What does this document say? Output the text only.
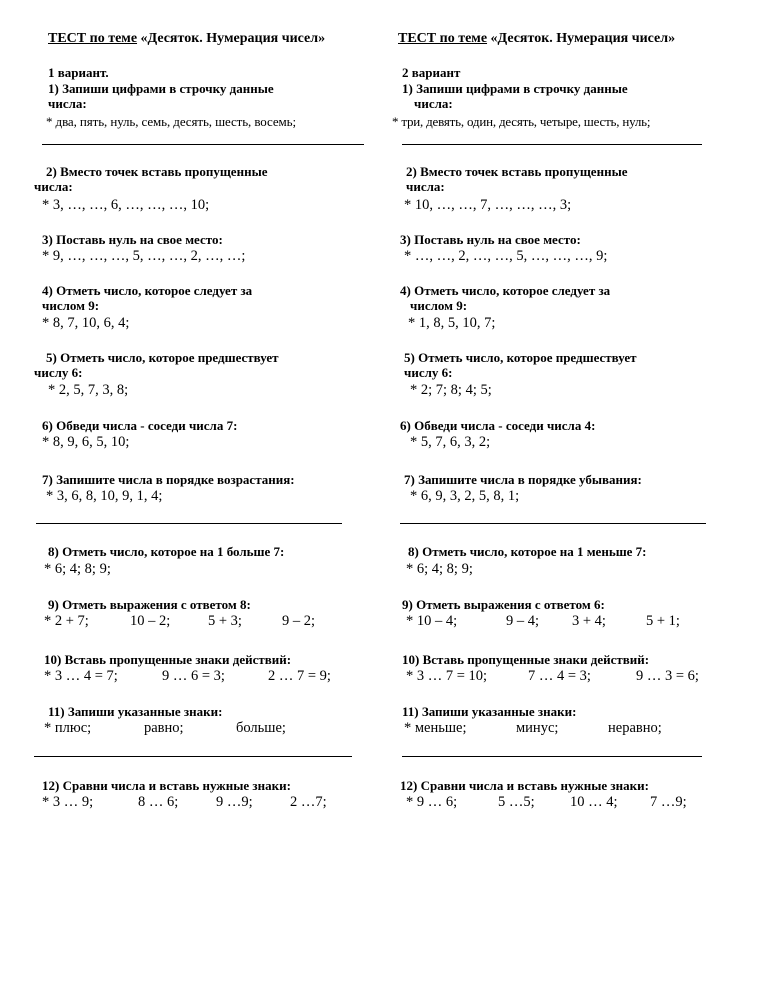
ТЕСТ по теме «Десяток. Нумерация чисел»
1 вариант.
1) Запиши цифрами в строчку данные
числа:
* два, пять, нуль, семь, десять, шесть, восемь;
2) Вместо точек вставь пропущенные
числа:
* 3, …, …, 6, …, …, …, 10;
3) Поставь нуль на свое место:
* 9, …, …, …, 5, …, …, 2, …, …;
4) Отметь число, которое следует за
числом 9:
* 8, 7, 10, 6, 4;
5) Отметь число, которое предшествует
числу 6:
* 2, 5, 7, 3, 8;
6) Обведи числа - соседи числа 7:
* 8, 9, 6, 5, 10;
7) Запишите числа в порядке возрастания:
* 3, 6, 8, 10, 9, 1, 4;
8) Отметь число, которое на 1 больше 7:
* 6; 4; 8; 9;
9) Отметь выражения с ответом 8:
* 2 + 7;	10 – 2;	5 + 3;	9 – 2;
10) Вставь пропущенные знаки действий:
* 3 … 4 = 7;	9 … 6 = 3;	2 … 7 = 9;
11) Запиши указанные знаки:
* плюс;	равно;	больше;
12) Сравни числа и вставь нужные знаки:
* 3 … 9;	8 … 6;	9 …9;	2 …7;
ТЕСТ по теме «Десяток. Нумерация чисел»
2 вариант
1) Запиши цифрами в строчку данные
числа:
* три, девять, один, десять, четыре, шесть, нуль;
2) Вместо точек вставь пропущенные
числа:
* 10, …, …, 7, …, …, …, 3;
3) Поставь нуль на свое место:
* …, …, 2, …, …, 5, …, …, …, 9;
4) Отметь число, которое следует за
числом 9:
* 1, 8, 5, 10, 7;
5) Отметь число, которое предшествует
числу 6:
* 2; 7; 8; 4; 5;
6) Обведи числа - соседи числа 4:
* 5, 7, 6, 3, 2;
7) Запишите числа в порядке убывания:
* 6, 9, 3, 2, 5, 8, 1;
8) Отметь число, которое на 1 меньше 7:
* 6; 4; 8; 9;
9) Отметь выражения с ответом 6:
* 10 – 4;	9 – 4; 3 + 4;	5 + 1;
10) Вставь пропущенные знаки действий:
* 3 … 7 = 10;	7 … 4 = 3;	9 … 3 = 6;
11) Запиши указанные знаки:
* меньше;	минус;	неравно;
12) Сравни числа и вставь нужные знаки:
* 9 … 6;	5 …5; 10 … 4; 7 …9;
